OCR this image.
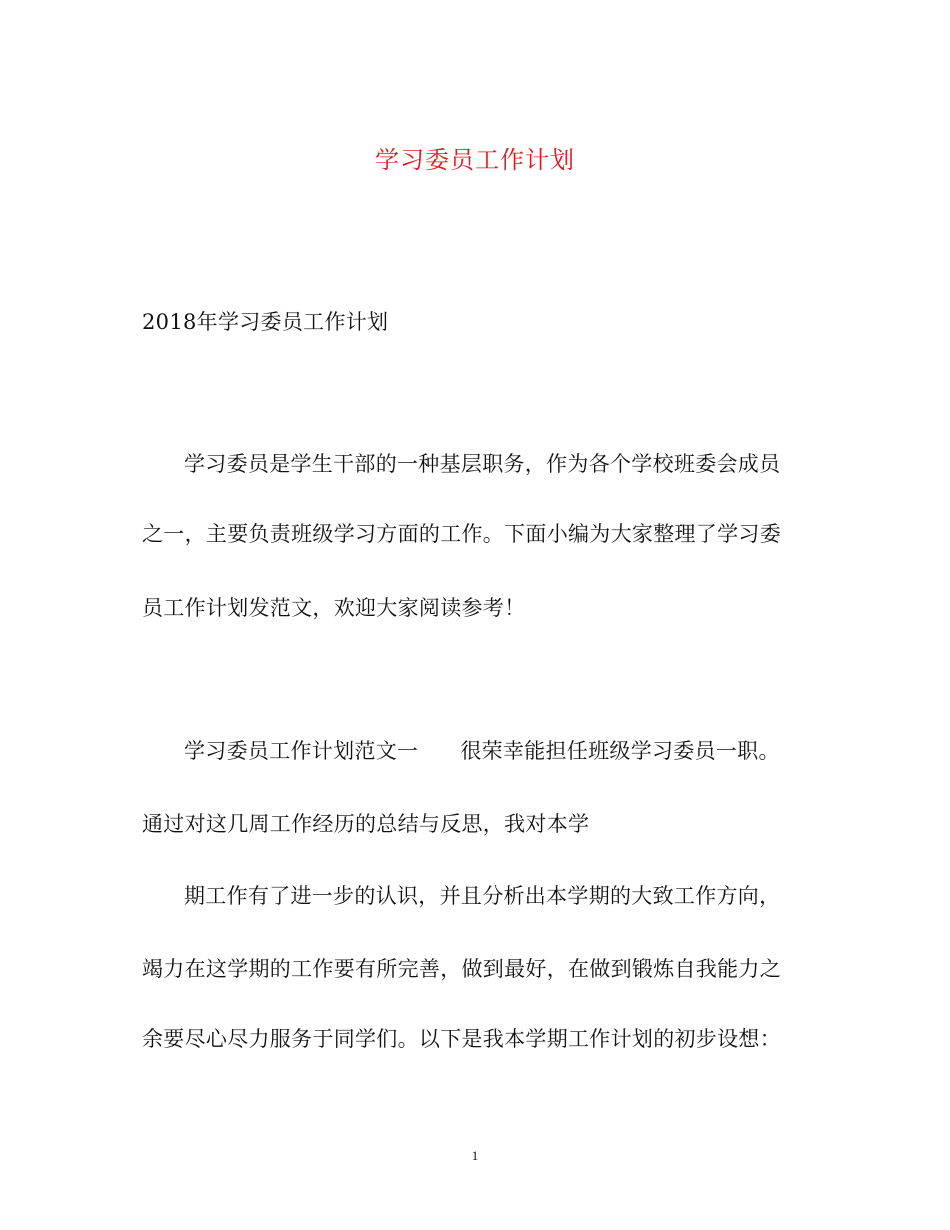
学习委员工作计划
2018年学习委员工作计划
学习委员是学生干部的一种基层职务，作为各个学校班委会成员
之一，主要负责班级学习方面的工作。下面小编为大家整理了学习委
员工作计划发范文，欢迎大家阅读参考！
学习委员工作计划范文一 很荣幸能担任班级学习委员一职。
通过对这几周工作经历的总结与反思，我对本学
期工作有了进一步的认识，并且分析出本学期的大致工作方向，
竭力在这学期的工作要有所完善，做到最好，在做到锻炼自我能力之
余要尽心尽力服务于同学们。以下是我本学期工作计划的初步设想：
1
